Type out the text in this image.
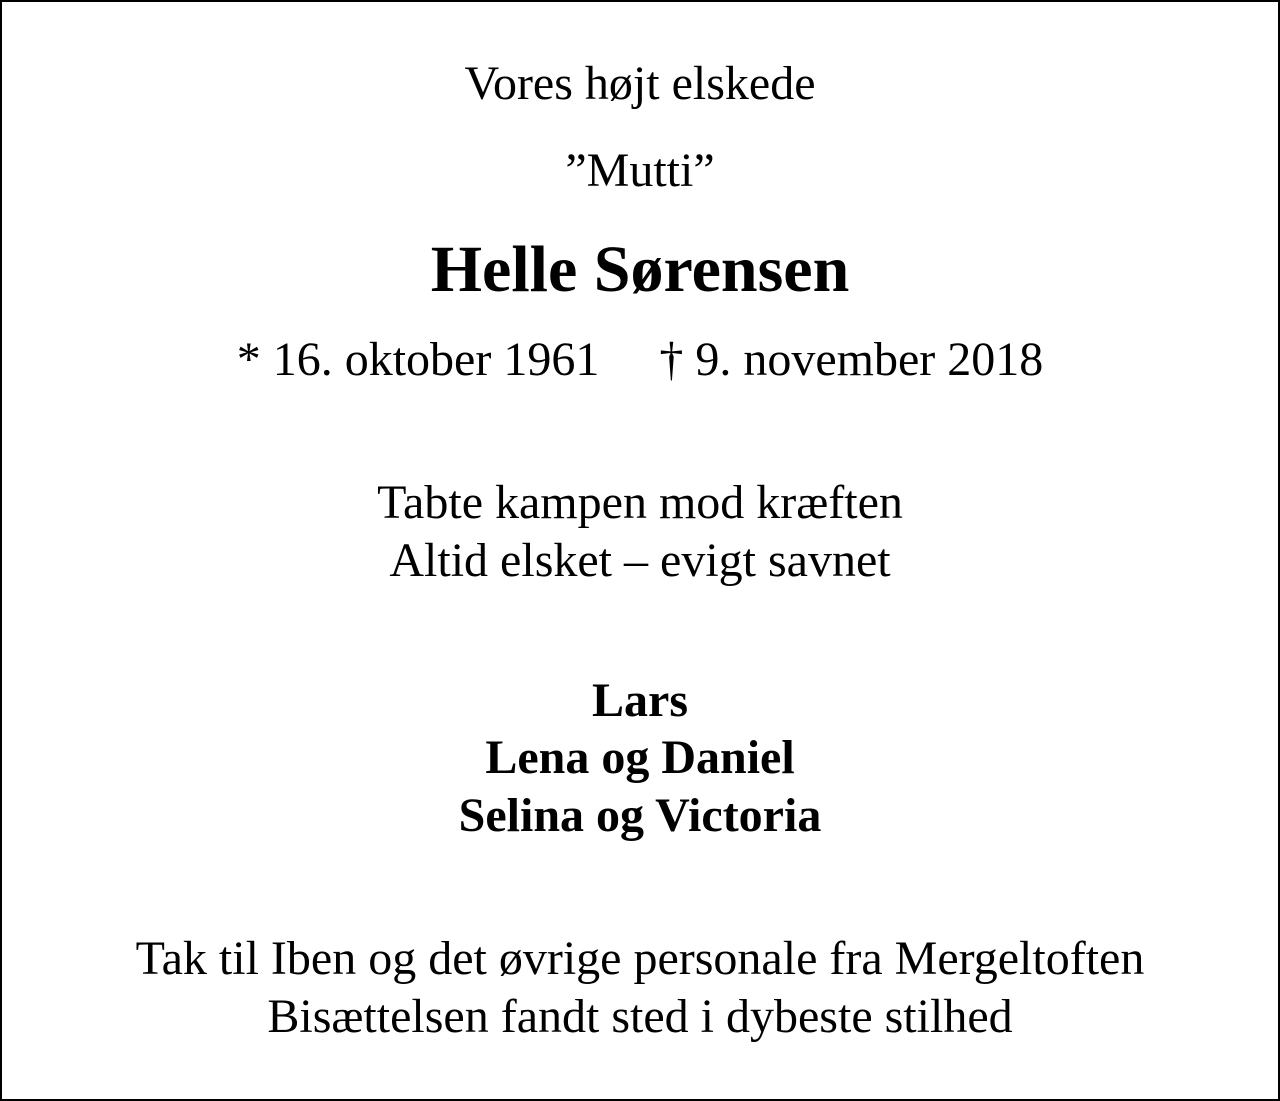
Vores højt elskede
”Mutti”
Helle Sørensen
* 16. oktober 1961 † 9. november 2018
Tabte kampen mod kræften
Altid elsket – evigt savnet
Lars
Lena og Daniel
Selina og Victoria
Tak til Iben og det øvrige personale fra Mergeltoften
Bisættelsen fandt sted i dybeste stilhed
